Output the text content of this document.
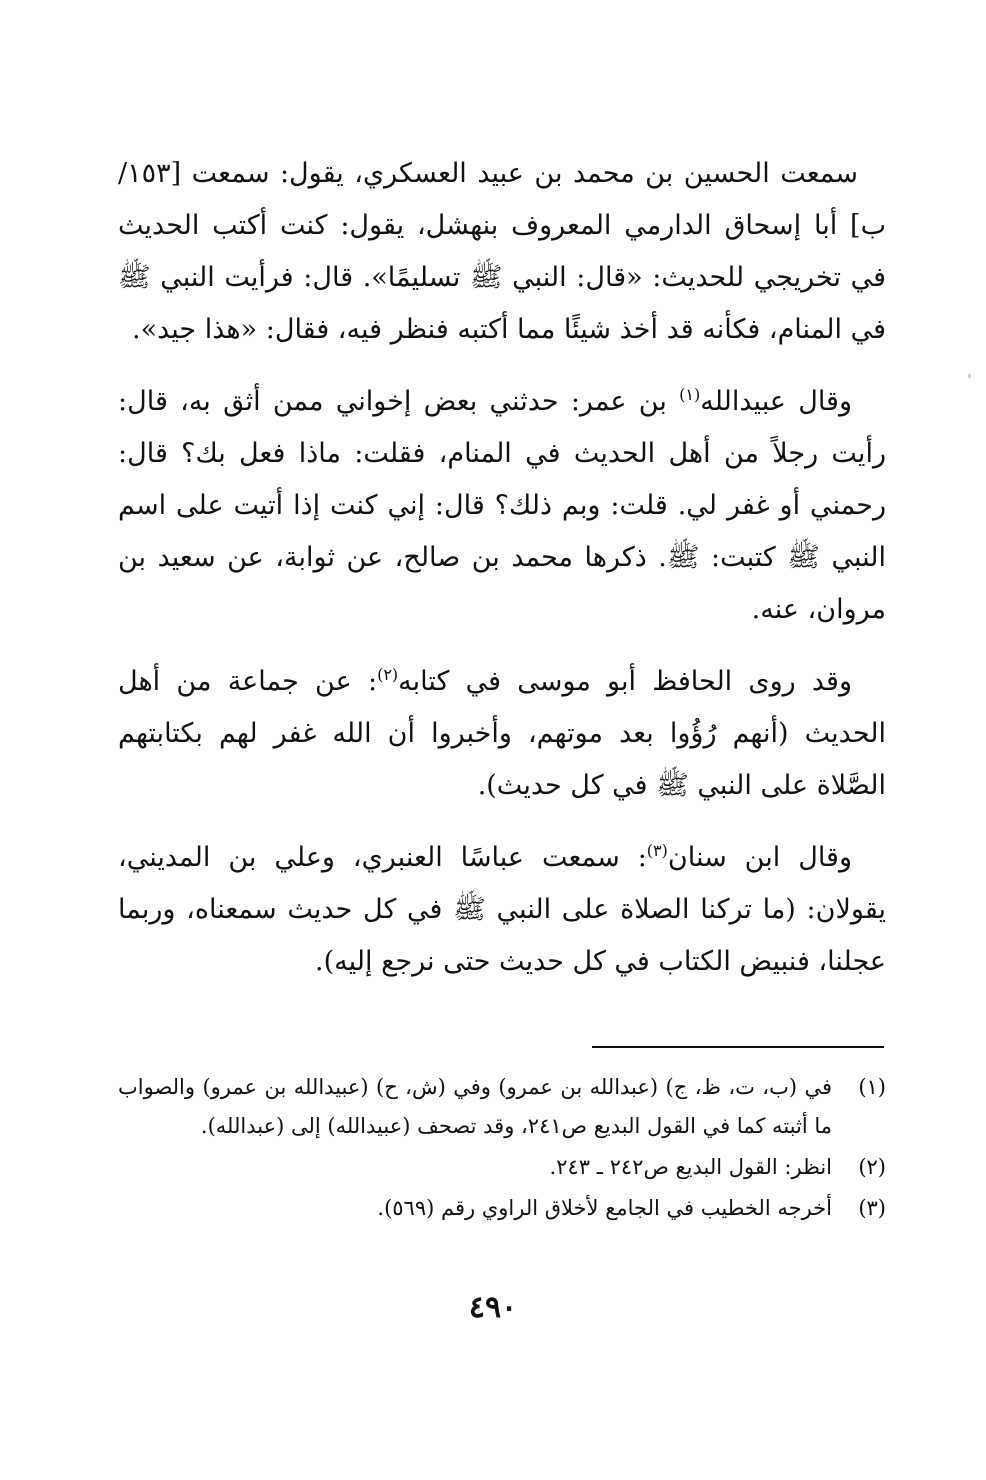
سمعت الحسين بن محمد بن عبيد العسكري، يقول: سمعت [١٥٣/ب] أبا إسحاق الدارمي المعروف بنهشل، يقول: كنت أكتب الحديث في تخريجي للحديث: «قال: النبي ﷺ تسليمًا». قال: فرأيت النبي ﷺ في المنام، فكأنه قد أخذ شيئًا مما أكتبه فنظر فيه، فقال: «هذا جيد».

وقال عبيدالله$^{(١)}$ بن عمر: حدثني بعض إخواني ممن أثق به، قال: رأيت رجلاً من أهل الحديث في المنام، فقلت: ماذا فعل بك؟ قال: رحمني أو غفر لي. قلت: وبم ذلك؟ قال: إني كنت إذا أتيت على اسم النبي ﷺ كتبت: ﷺ. ذكرها محمد بن صالح، عن ثوابة، عن سعيد بن مروان، عنه.

وقد روى الحافظ أبو موسى في كتابه$^{(٢)}$: عن جماعة من أهل الحديث (أنهم رُؤُوا بعد موتهم، وأخبروا أن الله غفر لهم بكتابتهم الصَّلاة على النبي ﷺ في كل حديث).

وقال ابن سنان$^{(٣)}$: سمعت عباسًا العنبري، وعلي بن المديني، يقولان: (ما تركنا الصلاة على النبي ﷺ في كل حديث سمعناه، وربما عجلنا، فنبيض الكتاب في كل حديث حتى نرجع إليه).

(١)
في (ب، ت، ظ، ج) (عبدالله بن عمرو) وفي (ش، ح) (عبيدالله بن عمرو) والصواب ما أثبته كما في القول البديع ص٢٤١، وقد تصحف (عبيدالله) إلى (عبدالله).
(٢)
انظر: القول البديع ص٢٤٢ ـ ٢٤٣.
(٣)
أخرجه الخطيب في الجامع لأخلاق الراوي رقم (٥٦٩).
٤٩٠
